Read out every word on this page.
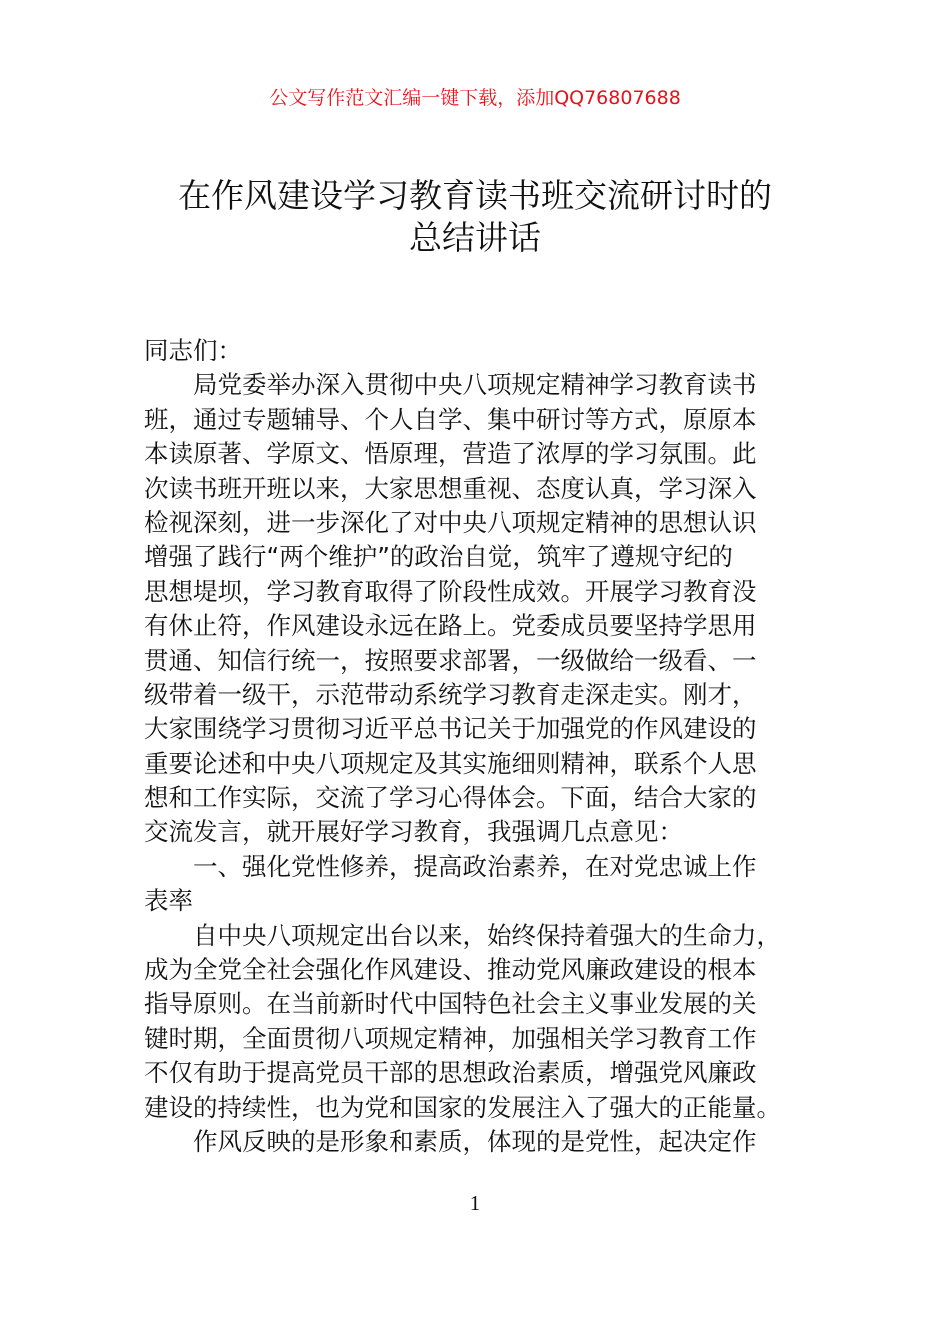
公文写作范文汇编一键下载，添加QQ76807688
在作风建设学习教育读书班交流研讨时的
总结讲话
同志们：
局党委举办深入贯彻中央八项规定精神学习教育读书
班，通过专题辅导、个人自学、集中研讨等方式，原原本
本读原著、学原文、悟原理，营造了浓厚的学习氛围。此
次读书班开班以来，大家思想重视、态度认真，学习深入
检视深刻，进一步深化了对中央八项规定精神的思想认识
增强了践行“两个维护”的政治自觉，筑牢了遵规守纪的
思想堤坝，学习教育取得了阶段性成效。开展学习教育没
有休止符，作风建设永远在路上。党委成员要坚持学思用
贯通、知信行统一，按照要求部署，一级做给一级看、一
级带着一级干，示范带动系统学习教育走深走实。刚才，
大家围绕学习贯彻习近平总书记关于加强党的作风建设的
重要论述和中央八项规定及其实施细则精神，联系个人思
想和工作实际，交流了学习心得体会。下面，结合大家的
交流发言，就开展好学习教育，我强调几点意见：
一、强化党性修养，提高政治素养，在对党忠诚上作
表率
自中央八项规定出台以来，始终保持着强大的生命力，
成为全党全社会强化作风建设、推动党风廉政建设的根本
指导原则。在当前新时代中国特色社会主义事业发展的关
键时期，全面贯彻八项规定精神，加强相关学习教育工作
不仅有助于提高党员干部的思想政治素质，增强党风廉政
建设的持续性，也为党和国家的发展注入了强大的正能量。
作风反映的是形象和素质，体现的是党性，起决定作
1
